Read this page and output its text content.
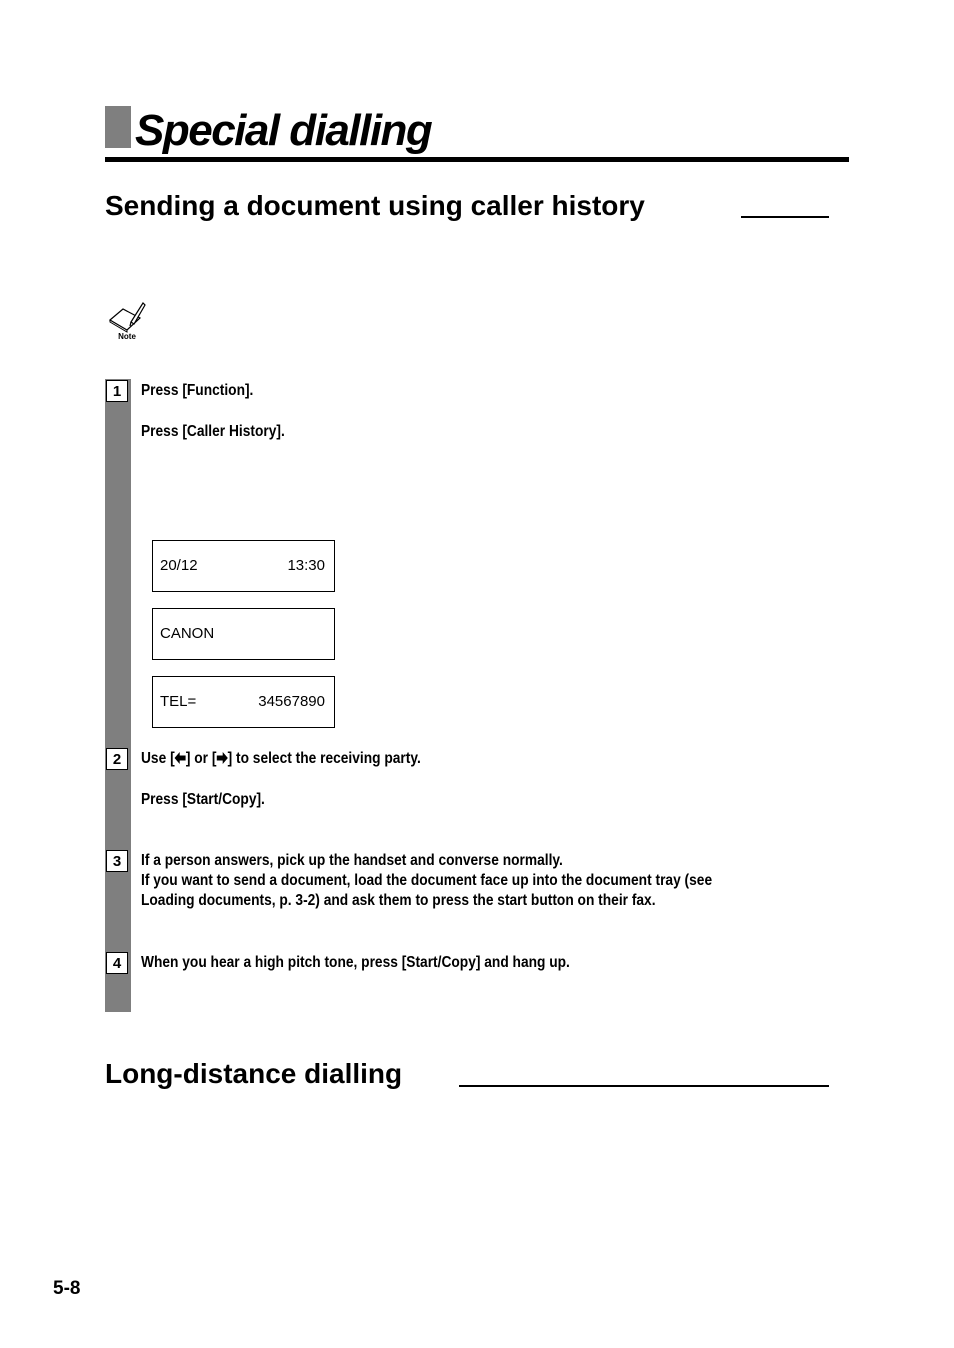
Special dialling
Sending a document using caller history
Note
1	Press [Function].
Press [Caller History].
20/12	13:30
CANON
TEL=	34567890
2	Use [ ] or [ ] to select the receiving party.
Press [Start/Copy].
3	If a person answers, pick up the handset and converse normally.
If you want to send a document, load the document face up into the document tray (see
Loading documents, p. 3-2) and ask them to press the start button on their fax.
4	When you hear a high pitch tone, press [Start/Copy] and hang up.
Long-distance dialling
5-8
